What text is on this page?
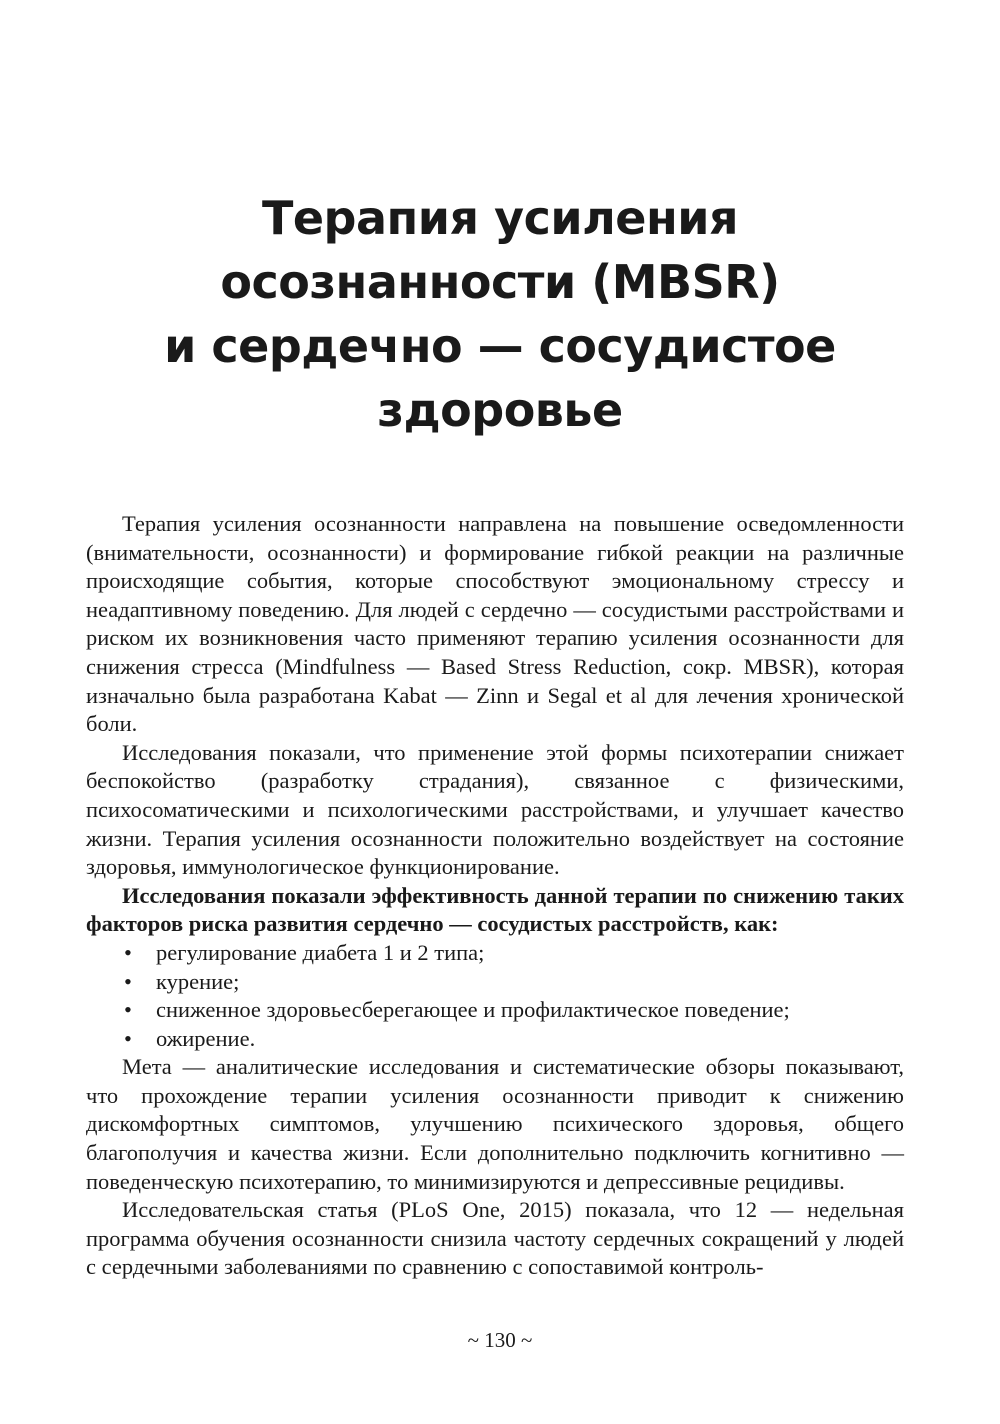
Терапия усиления
осознанности (MBSR)
и сердечно — сосудистое
здоровье

Терапия усиления осознанности направлена на повышение осведомленности (внимательности, осознанности) и формирование гибкой реакции на различные происходящие события, которые способствуют эмоциональному стрессу и неадаптивному поведению. Для людей с сердечно — сосудистыми расстройствами и риском их возникновения часто применяют терапию усиления осознанности для снижения стресса (Mindfulness — Based Stress Reduction, сокр. MBSR), которая изначально была разработана Kabat — Zinn и Segal et al для лечения хронической боли.

Исследования показали, что применение этой формы психотерапии снижает беспокойство (разработку страдания), связанное с физическими, психосоматическими и психологическими расстройствами, и улучшает качество жизни. Терапия усиления осознанности положительно воздействует на состояние здоровья, иммунологическое функционирование.

Исследования показали эффективность данной терапии по снижению таких факторов риска развития сердечно — сосудистых расстройств, как:

• регулирование диабета 1 и 2 типа;
• курение;
• сниженное здоровьесберегающее и профилактическое поведение;
• ожирение.

Мета — аналитические исследования и систематические обзоры показывают, что прохождение терапии усиления осознанности приводит к снижению дискомфортных симптомов, улучшению психического здоровья, общего благополучия и качества жизни. Если дополнительно подключить когнитивно — поведенческую психотерапию, то минимизируются и депрессивные рецидивы.

Исследовательская статья (PLoS One, 2015) показала, что 12 — недельная программа обучения осознанности снизила частоту сердечных сокращений у людей с сердечными заболеваниями по сравнению с сопоставимой контроль-

~ 130 ~
